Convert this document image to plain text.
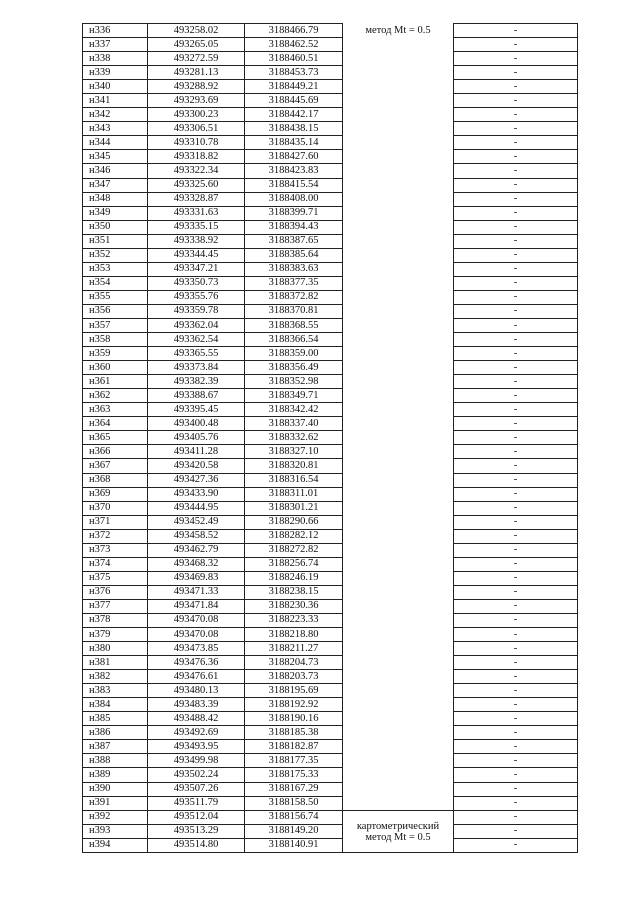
н336	493258.02	3188466.79	метод Mt = 0.5	-
н337	493265.05	3188462.52		-
н338	493272.59	3188460.51		-
н339	493281.13	3188453.73		-
н340	493288.92	3188449.21		-
н341	493293.69	3188445.69		-
н342	493300.23	3188442.17		-
н343	493306.51	3188438.15		-
н344	493310.78	3188435.14		-
н345	493318.82	3188427.60		-
н346	493322.34	3188423.83		-
н347	493325.60	3188415.54		-
н348	493328.87	3188408.00		-
н349	493331.63	3188399.71		-
н350	493335.15	3188394.43		-
н351	493338.92	3188387.65		-
н352	493344.45	3188385.64		-
н353	493347.21	3188383.63		-
н354	493350.73	3188377.35		-
н355	493355.76	3188372.82		-
н356	493359.78	3188370.81		-
н357	493362.04	3188368.55		-
н358	493362.54	3188366.54		-
н359	493365.55	3188359.00		-
н360	493373.84	3188356.49		-
н361	493382.39	3188352.98		-
н362	493388.67	3188349.71		-
н363	493395.45	3188342.42		-
н364	493400.48	3188337.40		-
н365	493405.76	3188332.62		-
н366	493411.28	3188327.10		-
н367	493420.58	3188320.81		-
н368	493427.36	3188316.54		-
н369	493433.90	3188311.01		-
н370	493444.95	3188301.21		-
н371	493452.49	3188290.66		-
н372	493458.52	3188282.12		-
н373	493462.79	3188272.82		-
н374	493468.32	3188256.74		-
н375	493469.83	3188246.19		-
н376	493471.33	3188238.15		-
н377	493471.84	3188230.36		-
н378	493470.08	3188223.33		-
н379	493470.08	3188218.80		-
н380	493473.85	3188211.27		-
н381	493476.36	3188204.73		-
н382	493476.61	3188203.73		-
н383	493480.13	3188195.69		-
н384	493483.39	3188192.92		-
н385	493488.42	3188190.16		-
н386	493492.69	3188185.38		-
н387	493493.95	3188182.87		-
н388	493499.98	3188177.35		-
н389	493502.24	3188175.33		-
н390	493507.26	3188167.29		-
н391	493511.79	3188158.50		-
н392	493512.04	3188156.74	картометрический метод Mt = 0.5	-
н393	493513.29	3188149.20		-
н394	493514.80	3188140.91		-
